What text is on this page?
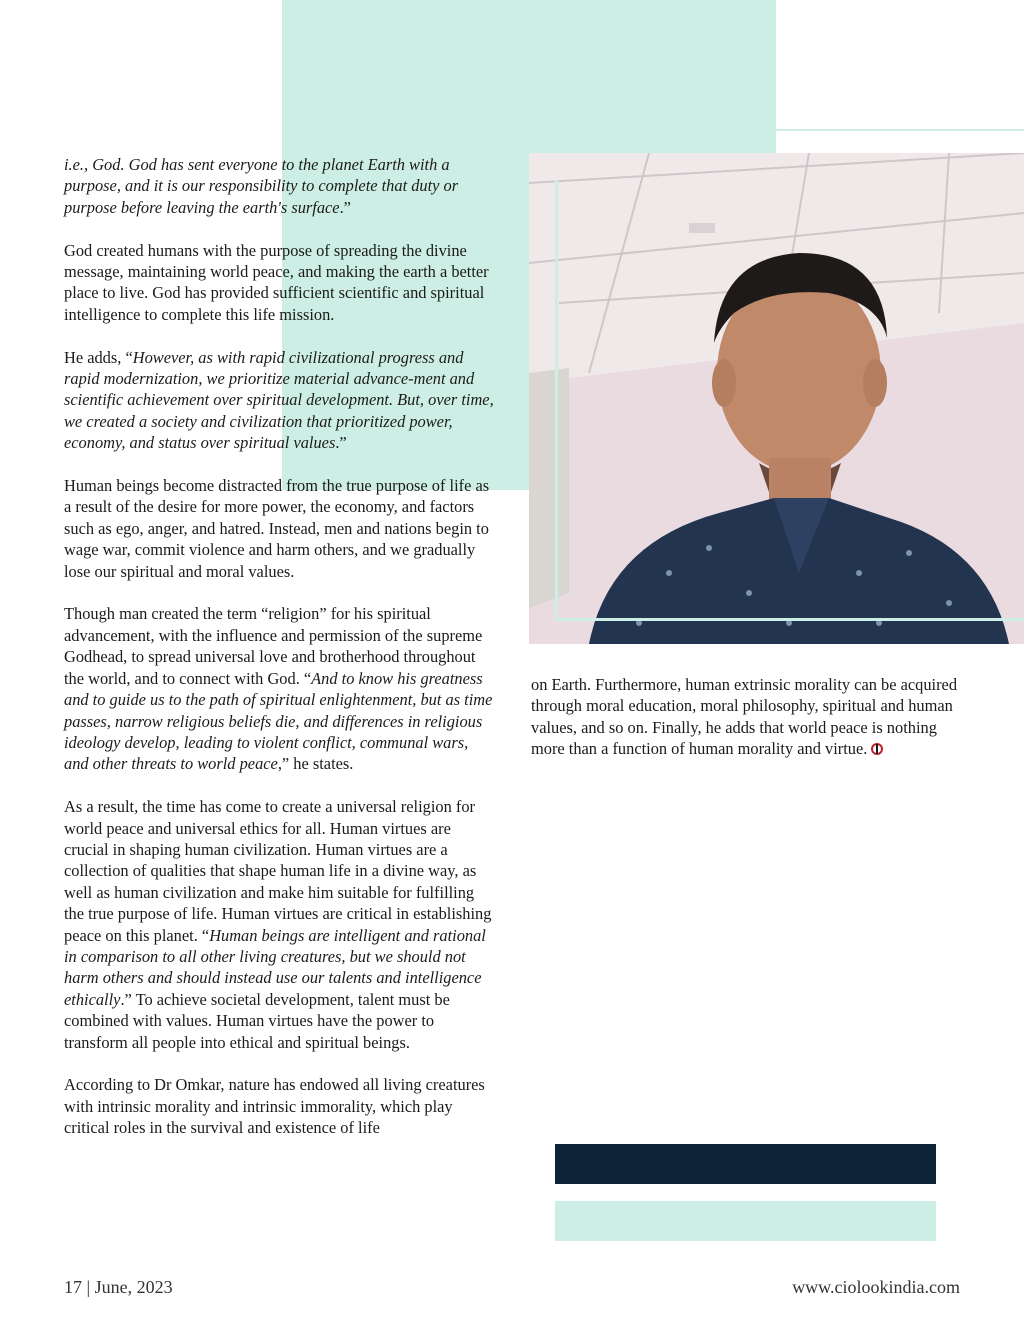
i.e., God. God has sent everyone to the planet Earth with a purpose, and it is our responsibility to complete that duty or purpose before leaving the earth's surface.”

God created humans with the purpose of spreading the divine message, maintaining world peace, and making the earth a better place to live. God has provided sufficient scientific and spiritual intelligence to complete this life mission.

He adds, “However, as with rapid civilizational progress and rapid modernization, we prioritize material advance-ment and scientific achievement over spiritual development. But, over time, we created a society and civilization that prioritized power, economy, and status over spiritual values.”

Human beings become distracted from the true purpose of life as a result of the desire for more power, the economy, and factors such as ego, anger, and hatred. Instead, men and nations begin to wage war, commit violence and harm others, and we gradually lose our spiritual and moral values.

Though man created the term “religion” for his spiritual advancement, with the influence and permission of the supreme Godhead, to spread universal love and brotherhood throughout the world, and to connect with God. “And to know his greatness and to guide us to the path of spiritual enlightenment, but as time passes, narrow religious beliefs die, and differences in religious ideology develop, leading to violent conflict, communal wars, and other threats to world peace,” he states.

As a result, the time has come to create a universal religion for world peace and universal ethics for all. Human virtues are crucial in shaping human civilization. Human virtues are a collection of qualities that shape human life in a divine way, as well as human civilization and make him suitable for fulfilling the true purpose of life. Human virtues are critical in establishing peace on this planet. “Human beings are intelligent and rational in comparison to all other living creatures, but we should not harm others and should instead use our talents and intelligence ethically.” To achieve societal development, talent must be combined with values. Human virtues have the power to transform all people into ethical and spiritual beings.

According to Dr Omkar, nature has endowed all living creatures with intrinsic morality and intrinsic immorality, which play critical roles in the survival and existence of life

on Earth. Furthermore, human extrinsic morality can be acquired through moral education, moral philosophy, spiritual and human values, and so on. Finally, he adds that world peace is nothing more than a function of human morality and virtue.

17 | June, 2023	www.ciolookindia.com
